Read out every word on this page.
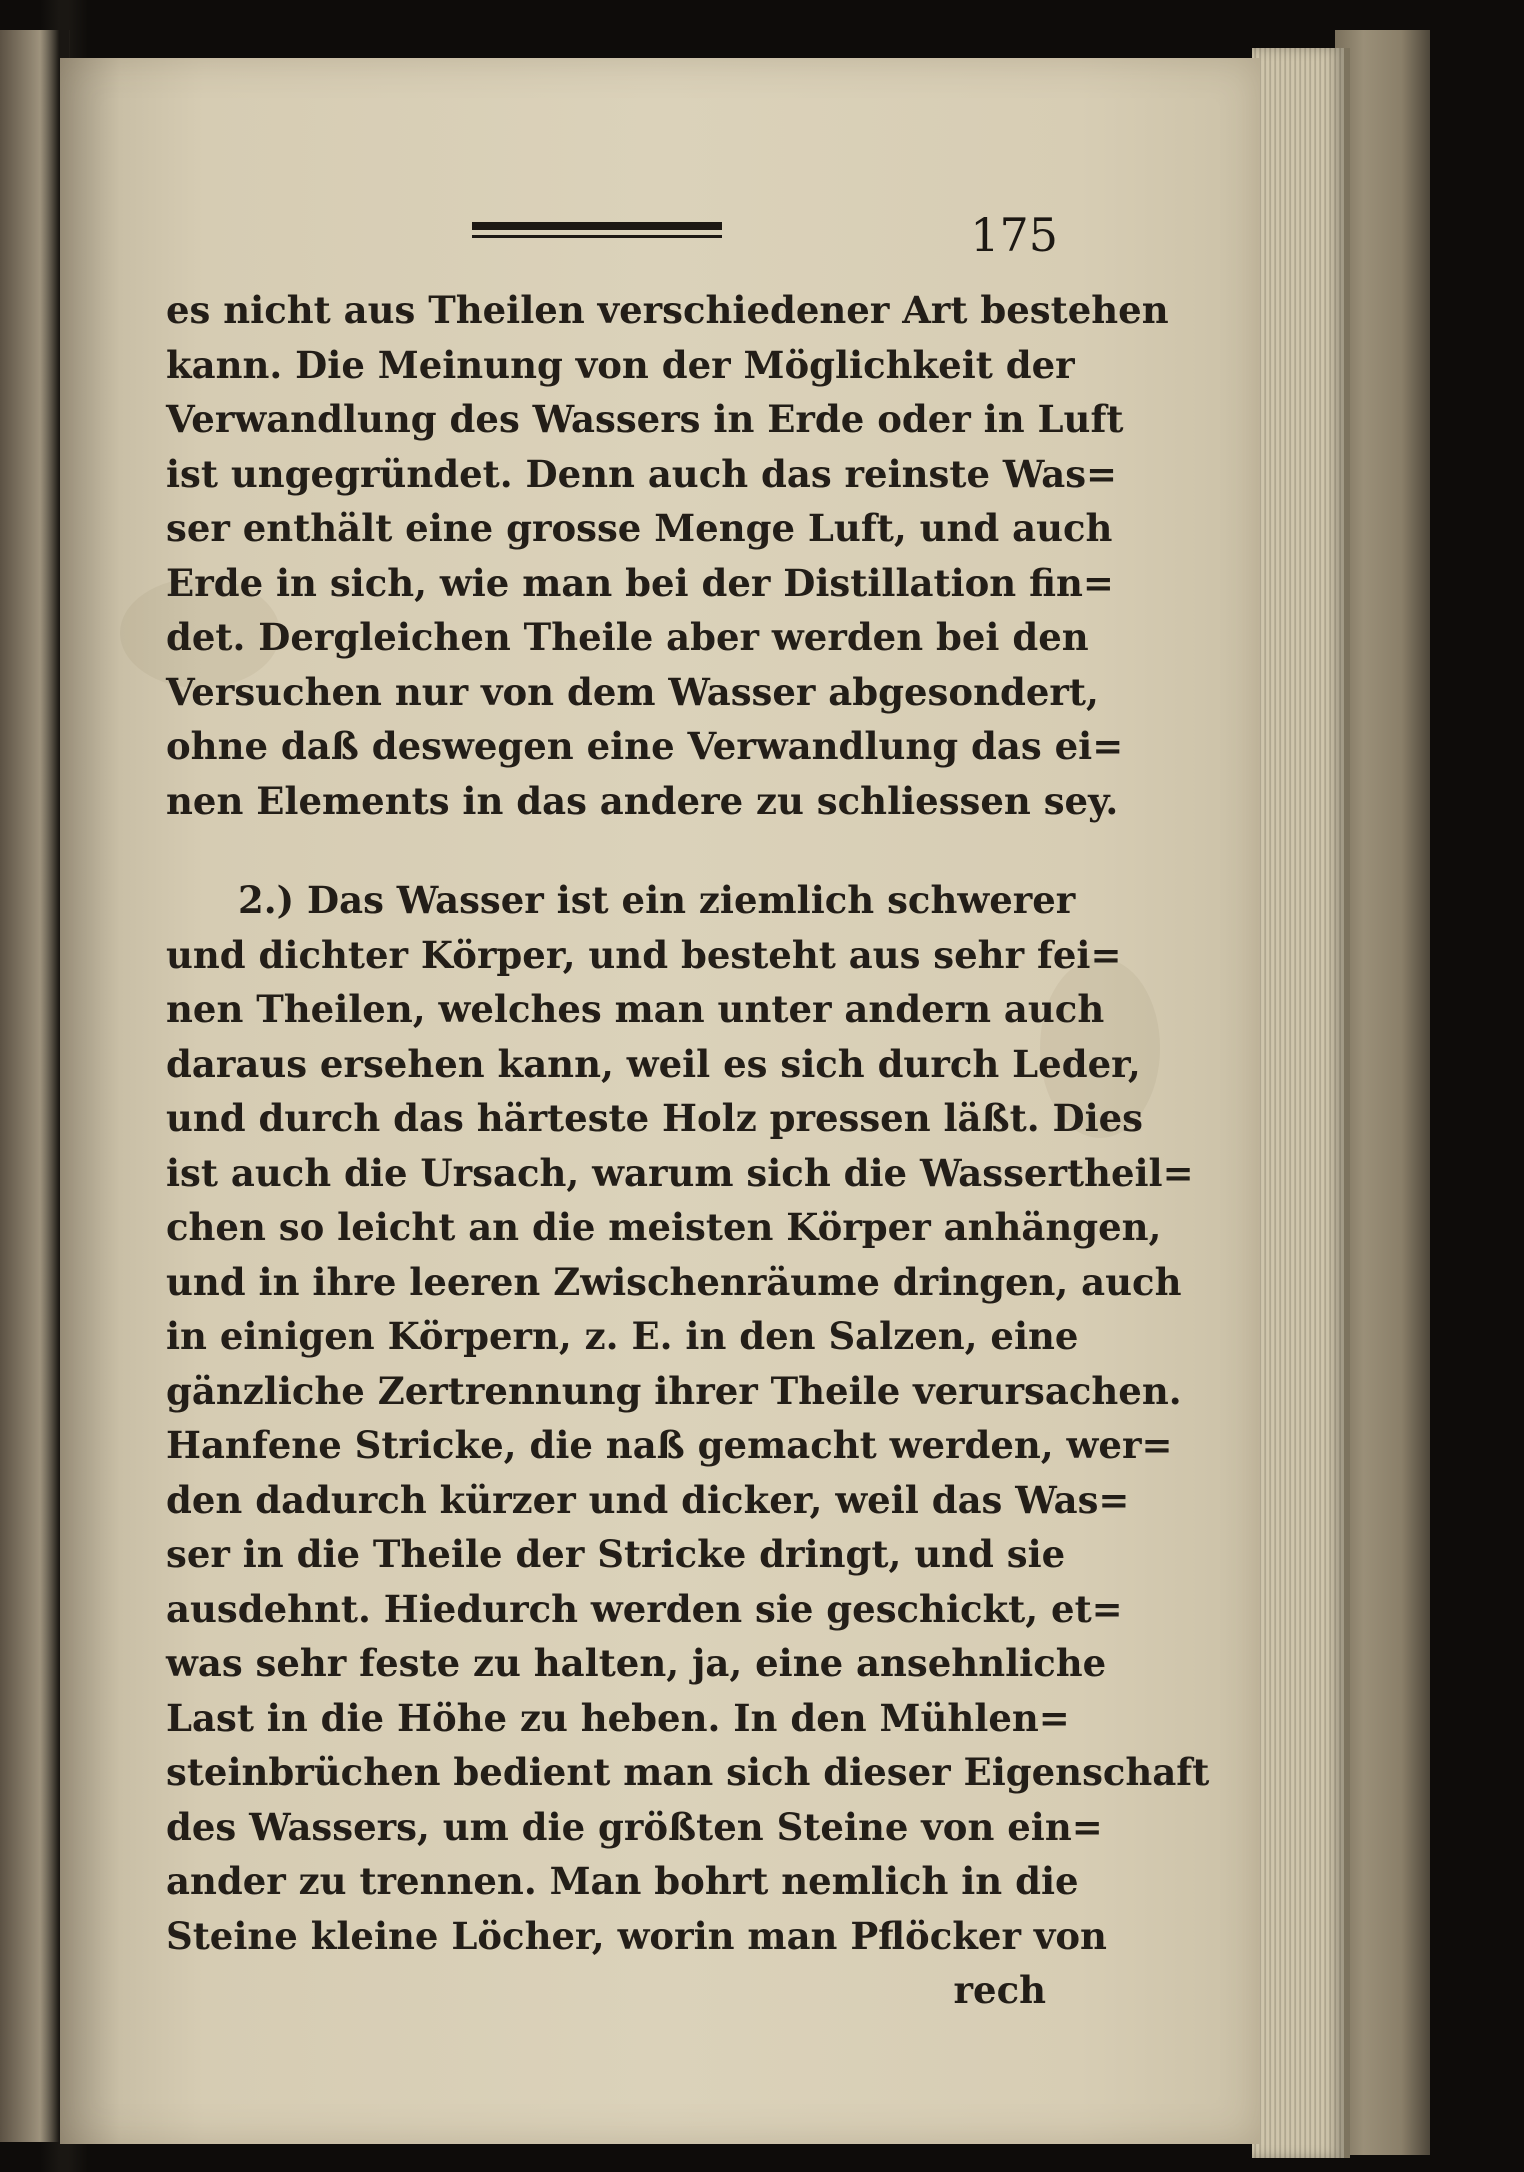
175
es nicht aus Theilen verschiedener Art bestehen
kann. Die Meinung von der Möglichkeit der
Verwandlung des Wassers in Erde oder in Luft
ist ungegründet. Denn auch das reinste Was=
ser enthält eine grosse Menge Luft, und auch
Erde in sich, wie man bei der Distillation fin=
det. Dergleichen Theile aber werden bei den
Versuchen nur von dem Wasser abgesondert,
ohne daß deswegen eine Verwandlung das ei=
nen Elements in das andere zu schliessen sey.
2.) Das Wasser ist ein ziemlich schwerer
und dichter Körper, und besteht aus sehr fei=
nen Theilen, welches man unter andern auch
daraus ersehen kann, weil es sich durch Leder,
und durch das härteste Holz pressen läßt. Dies
ist auch die Ursach, warum sich die Wassertheil=
chen so leicht an die meisten Körper anhängen,
und in ihre leeren Zwischenräume dringen, auch
in einigen Körpern, z. E. in den Salzen, eine
gänzliche Zertrennung ihrer Theile verursachen.
Hanfene Stricke, die naß gemacht werden, wer=
den dadurch kürzer und dicker, weil das Was=
ser in die Theile der Stricke dringt, und sie
ausdehnt. Hiedurch werden sie geschickt, et=
was sehr feste zu halten, ja, eine ansehnliche
Last in die Höhe zu heben. In den Mühlen=
steinbrüchen bedient man sich dieser Eigenschaft
des Wassers, um die größten Steine von ein=
ander zu trennen. Man bohrt nemlich in die
Steine kleine Löcher, worin man Pflöcker von
rech
